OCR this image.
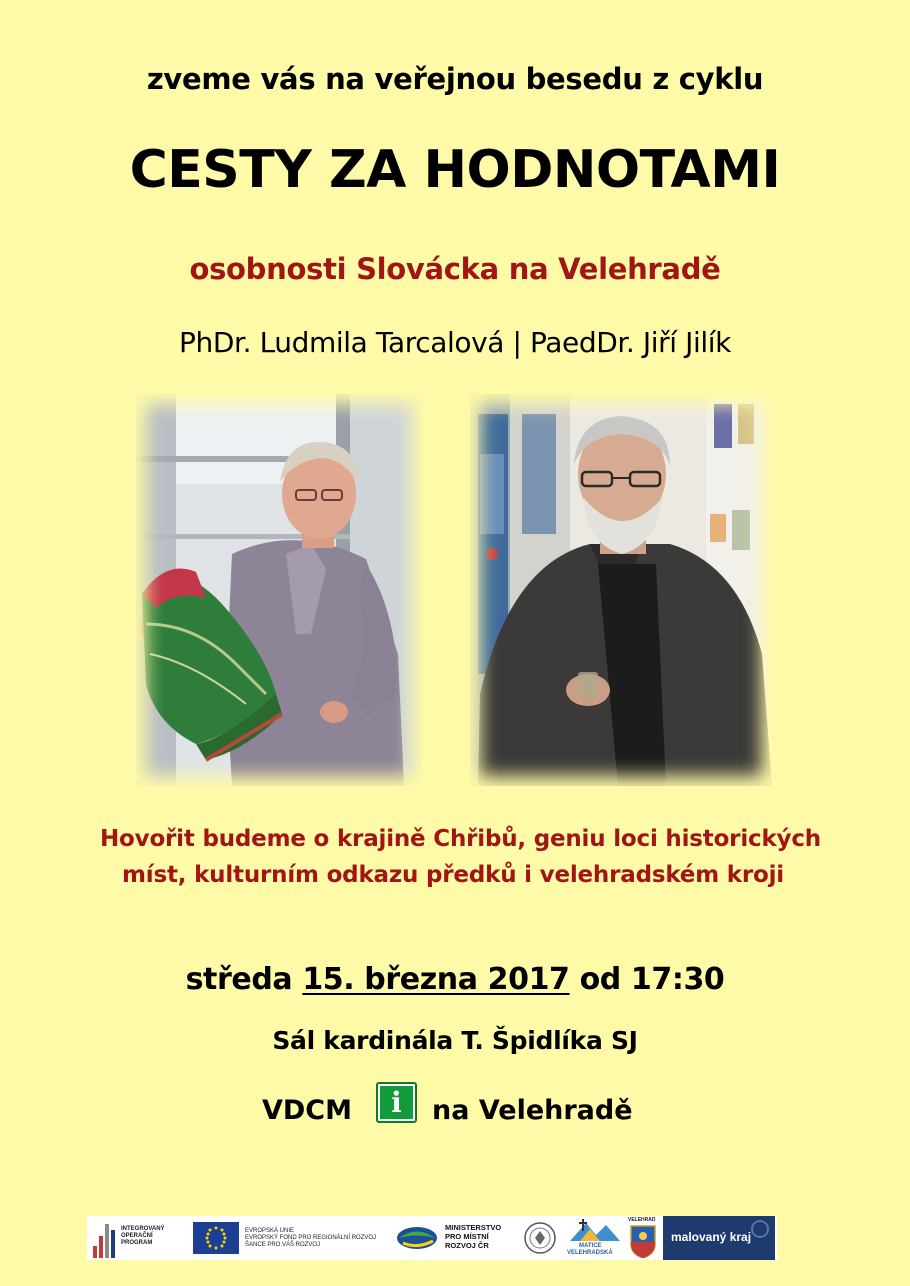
zveme vás na veřejnou besedu z cyklu
CESTY ZA HODNOTAMI
osobnosti Slovácka na Velehradě
PhDr. Ludmila Tarcalová | PaedDr. Jiří Jilík
Hovořit budeme o krajině Chřibů, geniu loci historických
míst, kulturním odkazu předků i velehradském kroji
středa 15. března 2017 od 17:30
Sál kardinála T. Špidlíka SJ
VDCM	i	na Velehradě
INTEGROVANÝ
OPERAČNÍ
PROGRAM
EVROPSKÁ UNIE
EVROPSKÝ FOND PRO REGIONÁLNÍ ROZVOJ
ŠANCE PRO VÁŠ ROZVOJ
MINISTERSTVO
PRO MÍSTNÍ
ROZVOJ ČR	MATICE
VELEHRADSKÁ
VELEHRAD
malovaný kraj
